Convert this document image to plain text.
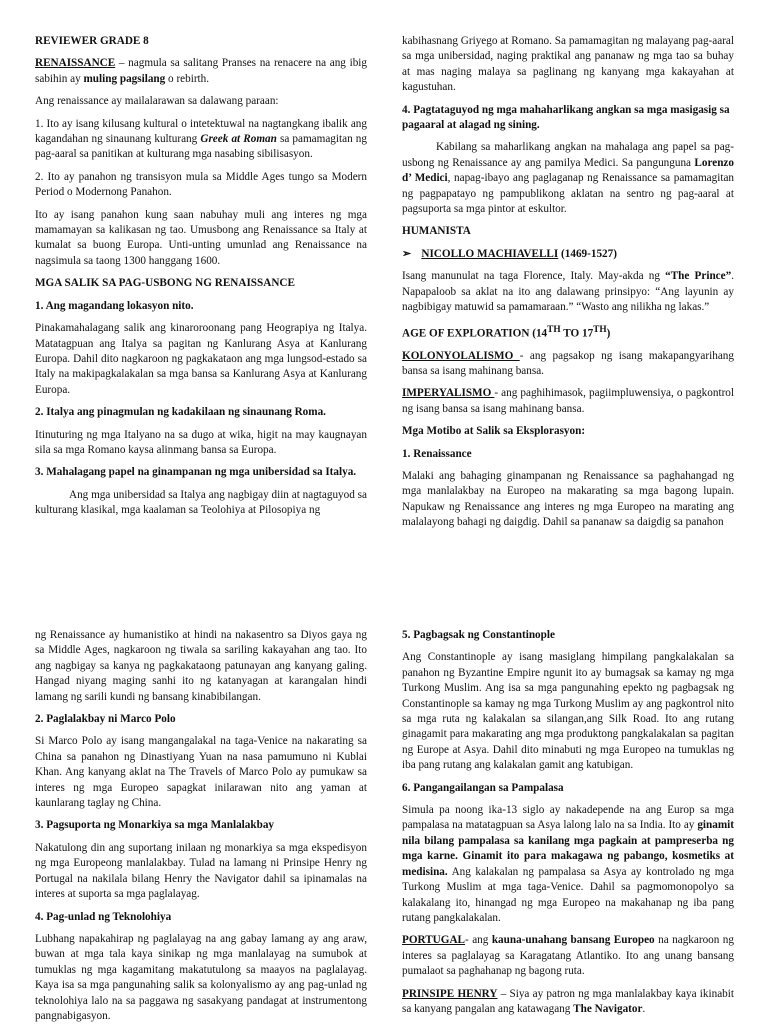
REVIEWER GRADE 8

RENAISSANCE – nagmula sa salitang Pranses na renacere na ang ibig sabihin ay muling pagsilang o rebirth.

Ang renaissance ay mailalarawan sa dalawang paraan:

1. Ito ay isang kilusang kultural o intetektuwal na nagtangkang ibalik ang kagandahan ng sinaunang kulturang Greek at Roman sa pamamagitan ng pag-aaral sa panitikan at kulturang mga nasabing sibilisasyon.

2. Ito ay panahon ng transisyon mula sa Middle Ages tungo sa Modern Period o Modernong Panahon.

Ito ay isang panahon kung saan nabuhay muli ang interes ng mga mamamayan sa kalikasan ng tao. Umusbong ang Renaissance sa Italy at kumalat sa buong Europa. Unti-unting umunlad ang Renaissance na nagsimula sa taong 1300 hanggang 1600.

MGA SALIK SA PAG-USBONG NG RENAISSANCE
1. Ang magandang lokasyon nito.

Pinakamahalagang salik ang kinaroroonang pang Heograpiya ng Italya. Matatagpuan ang Italya sa pagitan ng Kanlurang Asya at Kanlurang Europa. Dahil dito nagkaroon ng pagkakataon ang mga lungsod-estado sa Italy na makipagkalakalan sa mga bansa sa Kanlurang Asya at Kanlurang Europa.

2. Italya ang pinagmulan ng kadakilaan ng sinaunang Roma.

Itinuturing ng mga Italyano na sa dugo at wika, higit na may kaugnayan sila sa mga Romano kaysa alinmang bansa sa Europa.

3. Mahalagang papel na ginampanan ng mga unibersidad sa Italya.

Ang mga unibersidad sa Italya ang nagbigay diin at nagtaguyod sa kulturang klasikal, mga kaalaman sa Teolohiya at Pilosopiya ng

kabihasnang Griyego at Romano. Sa pamamagitan ng malayang pag-aaral sa mga unibersidad, naging praktikal ang pananaw ng mga tao sa buhay at mas naging malaya sa paglinang ng kanyang mga kakayahan at kagustuhan.

4. Pagtataguyod ng mga mahaharlikang angkan sa mga masigasig sa pagaaral at alagad ng sining.

Kabilang sa maharlikang angkan na mahalaga ang papel sa pag-usbong ng Renaissance ay ang pamilya Medici. Sa pangunguna Lorenzo d’ Medici, napag-ibayo ang paglaganap ng Renaissance sa pamamagitan ng pagpapatayo ng pampublikong aklatan na sentro ng pag-aaral at pagsuporta sa mga pintor at eskultor.

HUMANISTA
➢ NICOLLO MACHIAVELLI (1469-1527)

Isang manunulat na taga Florence, Italy. May-akda ng “The Prince”. Napapaloob sa aklat na ito ang dalawang prinsipyo: “Ang layunin ay nagbibigay matuwid sa pamamaraan.” “Wasto ang nilikha ng lakas.”

AGE OF EXPLORATION (14TH TO 17TH)

KOLONYOLALISMO - ang pagsakop ng isang makapangyarihang bansa sa isang mahinang bansa.

IMPERYALISMO - ang paghihimasok, pagiimpluwensiya, o pagkontrol ng isang bansa sa isang mahinang bansa.

Mga Motibo at Salik sa Eksplorasyon:
1. Renaissance

Malaki ang bahaging ginampanan ng Renaissance sa paghahangad ng mga manlalakbay na Europeo na makarating sa mga bagong lupain. Napukaw ng Renaissance ang interes ng mga Europeo na marating ang malalayong bahagi ng daigdig. Dahil sa pananaw sa daigdig sa panahon

ng Renaissance ay humanistiko at hindi na nakasentro sa Diyos gaya ng sa Middle Ages, nagkaroon ng tiwala sa sariling kakayahan ang tao. Ito ang nagbigay sa kanya ng pagkakataong patunayan ang kanyang galing. Hangad niyang maging sanhi ito ng katanyagan at karangalan hindi lamang ng sarili kundi ng bansang kinabibilangan.

2. Paglalakbay ni Marco Polo

Si Marco Polo ay isang mangangalakal na taga-Venice na nakarating sa China sa panahon ng Dinastiyang Yuan na nasa pamumuno ni Kublai Khan. Ang kanyang aklat na The Travels of Marco Polo ay pumukaw sa interes ng mga Europeo sapagkat inilarawan nito ang yaman at kaunlarang taglay ng China.

3. Pagsuporta ng Monarkiya sa mga Manlalakbay

Nakatulong din ang suportang inilaan ng monarkiya sa mga ekspedisyon ng mga Europeong manlalakbay. Tulad na lamang ni Prinsipe Henry ng Portugal na nakilala bilang Henry the Navigator dahil sa ipinamalas na interes at suporta sa mga paglalayag.

4. Pag-unlad ng Teknolohiya

Lubhang napakahirap ng paglalayag na ang gabay lamang ay ang araw, buwan at mga tala kaya sinikap ng mga manlalayag na sumubok at tumuklas ng mga kagamitang makatutulong sa maayos na paglalayag. Kaya isa sa mga pangunahing salik sa kolonyalismo ay ang pag-unlad ng teknolohiya lalo na sa paggawa ng sasakyang pandagat at instrumentong pangnabigasyon.

5. Pagbagsak ng Constantinople

Ang Constantinople ay isang masiglang himpilang pangkalakalan sa panahon ng Byzantine Empire ngunit ito ay bumagsak sa kamay ng mga Turkong Muslim. Ang isa sa mga pangunahing epekto ng pagbagsak ng Constantinople sa kamay ng mga Turkong Muslim ay ang pagkontrol nito sa mga ruta ng kalakalan sa silangan,ang Silk Road. Ito ang rutang ginagamit para makarating ang mga produktong pangkalakalan sa pagitan ng Europe at Asya. Dahil dito minabuti ng mga Europeo na tumuklas ng iba pang rutang ang kalakalan gamit ang katubigan.

6. Pangangailangan sa Pampalasa

Simula pa noong ika-13 siglo ay nakadepende na ang Europ sa mga pampalasa na matatagpuan sa Asya lalong lalo na sa India. Ito ay ginamit nila bilang pampalasa sa kanilang mga pagkain at pampreserba ng mga karne. Ginamit ito para makagawa ng pabango, kosmetiks at medisina. Ang kalakalan ng pampalasa sa Asya ay kontrolado ng mga Turkong Muslim at mga taga-Venice. Dahil sa pagmomonopolyo sa kalakalang ito, hinangad ng mga Europeo na makahanap ng iba pang rutang pangkalakalan.

PORTUGAL- ang kauna-unahang bansang Europeo na nagkaroon ng interes sa paglalayag sa Karagatang Atlantiko. Ito ang unang bansang pumalaot sa paghahanap ng bagong ruta.

PRINSIPE HENRY – Siya ay patron ng mga manlalakbay kaya ikinabit sa kanyang pangalan ang katawagang The Navigator.
